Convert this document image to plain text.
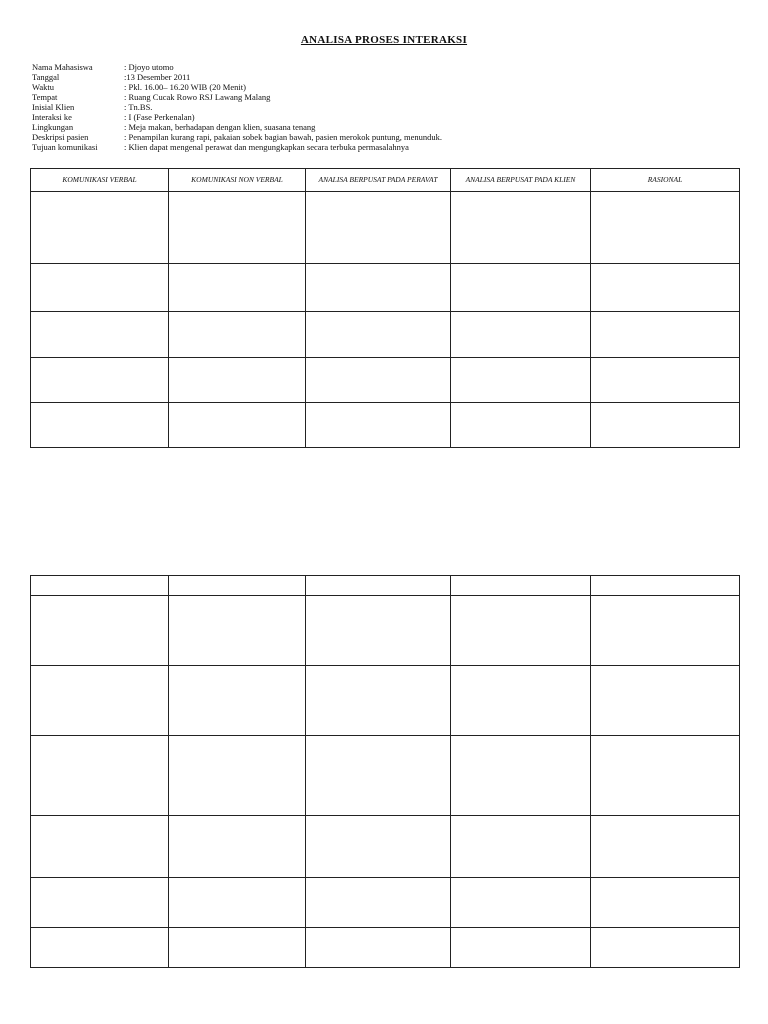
ANALISA PROSES INTERAKSI
Nama Mahasiswa	: Djoyo utomo
Tanggal	:13 Desember 2011
Waktu	: Pkl. 16.00– 16.20 WIB (20 Menit)
Tempat	: Ruang Cucak Rowo RSJ Lawang Malang
Inisial Klien	: Tn.BS.
Interaksi ke	: I (Fase Perkenalan)
Lingkungan	: Meja makan, berhadapan dengan klien, suasana tenang
Deskripsi pasien	: Penampilan kurang rapi, pakaian sobek bagian bawah, pasien merokok puntung, menunduk.
Tujuan komunikasi	: Klien dapat mengenal perawat dan mengungkapkan secara terbuka permasalahnya
KOMUNIKASI VERBAL	KOMUNIKASI NON VERBAL	ANALISA BERPUSAT PADA PERAVAT	ANALISA BERPUSAT PADA KLIEN	RASIONAL
